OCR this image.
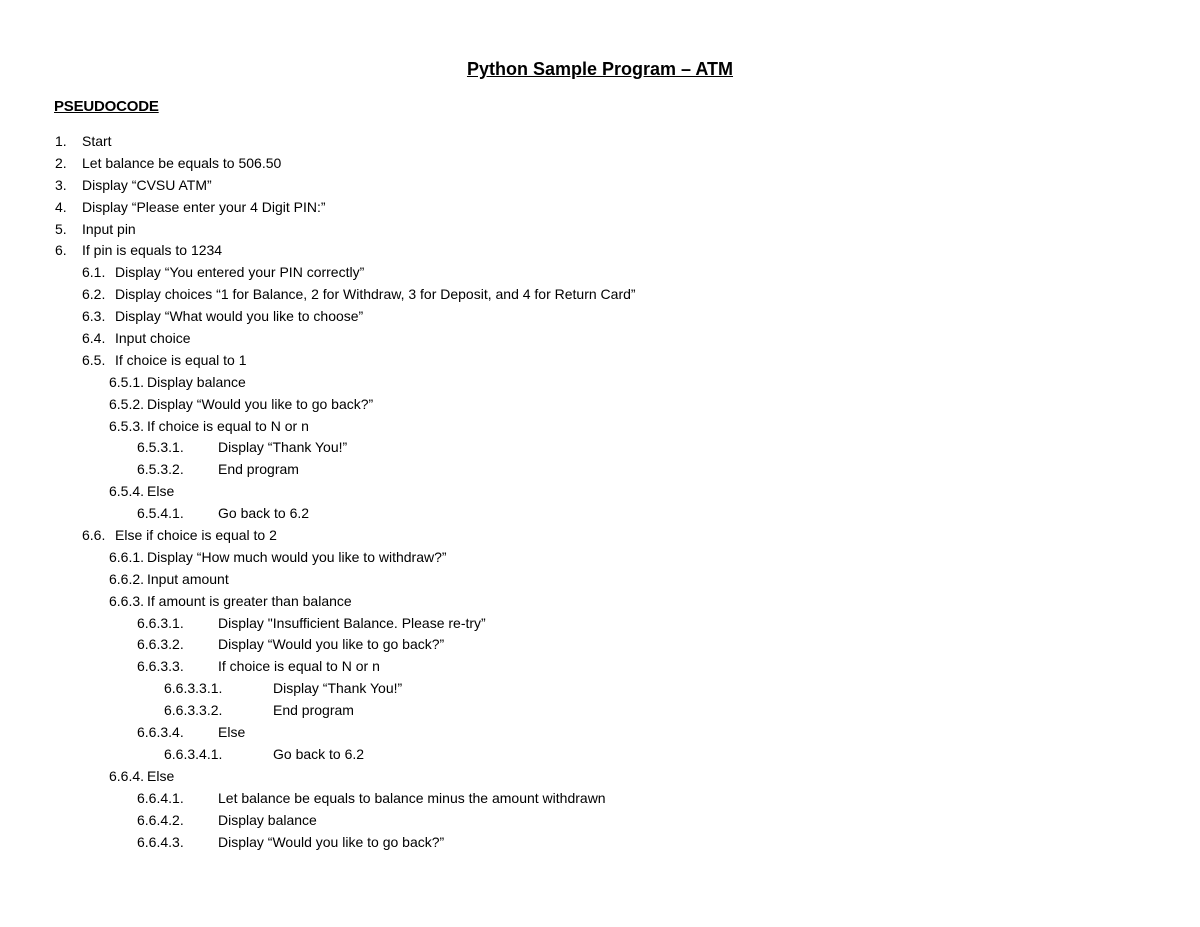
Python Sample Program – ATM
PSEUDOCODE
1. Start
2. Let balance be equals to 506.50
3. Display “CVSU ATM”
4. Display “Please enter your 4 Digit PIN:”
5. Input pin
6. If pin is equals to 1234
6.1. Display “You entered your PIN correctly”
6.2. Display choices “1 for Balance, 2 for Withdraw, 3 for Deposit, and 4 for Return Card”
6.3. Display “What would you like to choose”
6.4. Input choice
6.5. If choice is equal to 1
6.5.1. Display balance
6.5.2. Display “Would you like to go back?”
6.5.3. If choice is equal to N or n
6.5.3.1. Display “Thank You!”
6.5.3.2. End program
6.5.4. Else
6.5.4.1. Go back to 6.2
6.6. Else if choice is equal to 2
6.6.1. Display “How much would you like to withdraw?”
6.6.2. Input amount
6.6.3. If amount is greater than balance
6.6.3.1. Display "Insufficient Balance. Please re-try”
6.6.3.2. Display “Would you like to go back?”
6.6.3.3. If choice is equal to N or n
6.6.3.3.1.	Display “Thank You!”
6.6.3.3.2.	End program
6.6.3.4. Else
6.6.3.4.1.	Go back to 6.2
6.6.4. Else
6.6.4.1. Let balance be equals to balance minus the amount withdrawn
6.6.4.2. Display balance
6.6.4.3. Display “Would you like to go back?”
